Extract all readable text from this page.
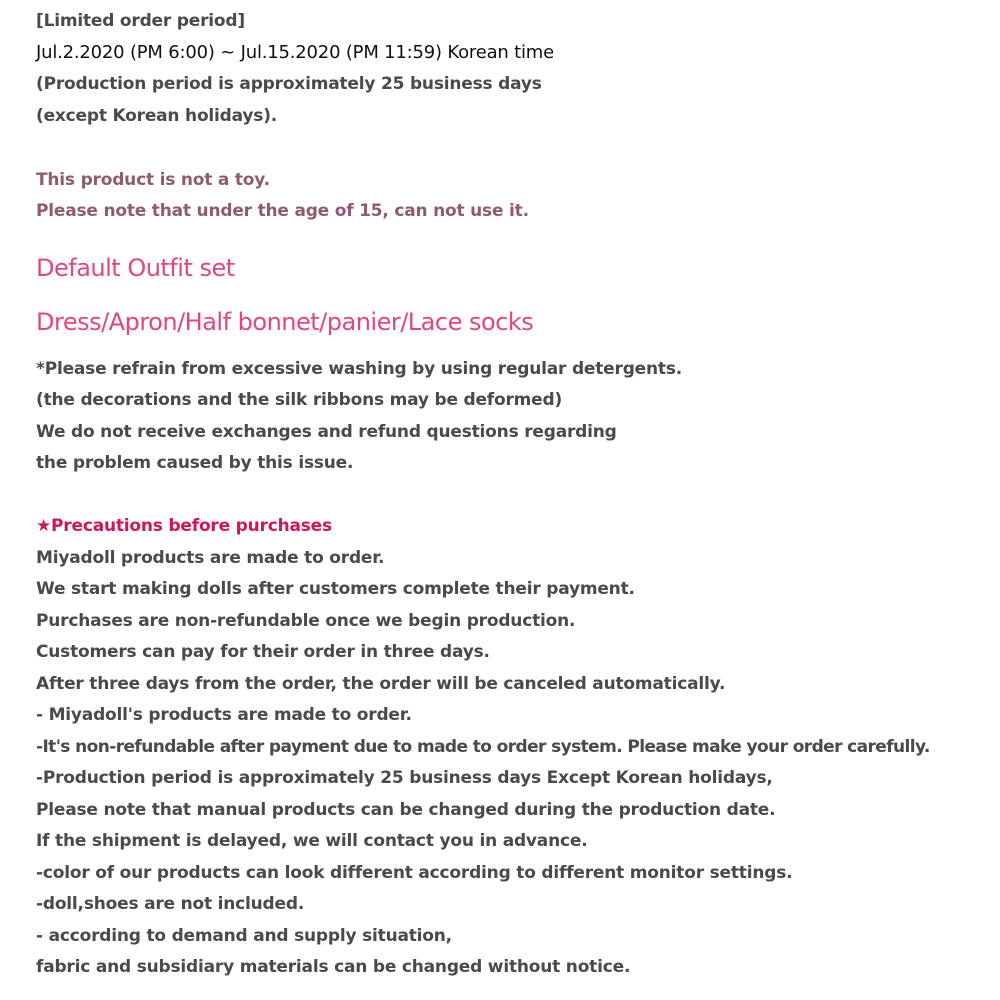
[Limited order period]
Jul.2.2020 (PM 6:00) ~ Jul.15.2020 (PM 11:59) Korean time
(Production period is approximately 25 business days
(except Korean holidays).
This product is not a toy.
Please note that under the age of 15, can not use it.
Default Outfit set
Dress/Apron/Half bonnet/panier/Lace socks
*Please refrain from excessive washing by using regular detergents.
(the decorations and the silk ribbons may be deformed)
We do not receive exchanges and refund questions regarding
the problem caused by this issue.
★Precautions before purchases
Miyadoll products are made to order.
We start making dolls after customers complete their payment.
Purchases are non-refundable once we begin production.
Customers can pay for their order in three days.
After three days from the order, the order will be canceled automatically.
- Miyadoll's products are made to order.
-It's non-refundable after payment due to made to order system. Please make your order carefully.
-Production period is approximately 25 business days Except Korean holidays,
Please note that manual products can be changed during the production date.
If the shipment is delayed, we will contact you in advance.
-color of our products can look different according to different monitor settings.
-doll,shoes are not included.
- according to demand and supply situation,
fabric and subsidiary materials can be changed without notice.
